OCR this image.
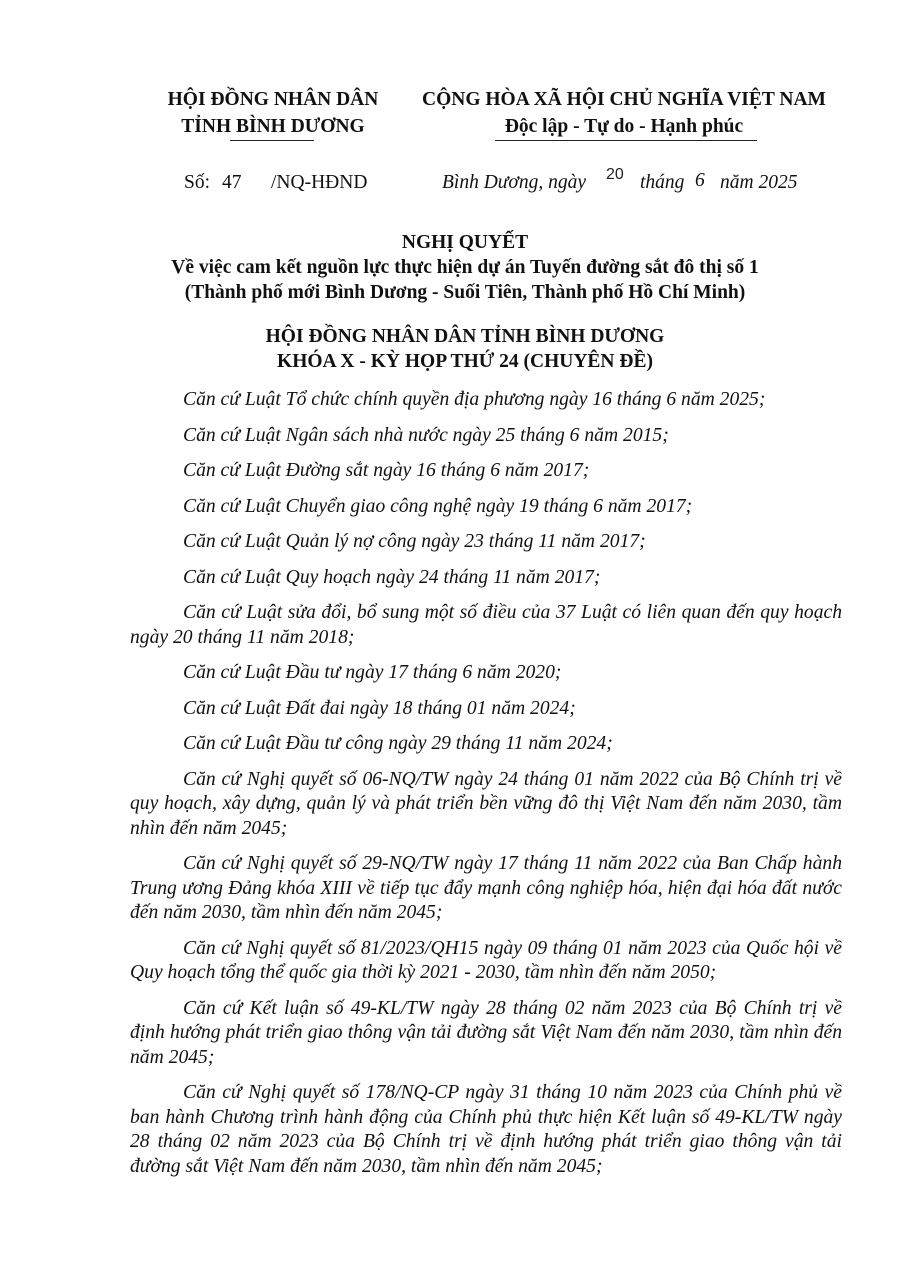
HỘI ĐỒNG NHÂN DÂN
TỈNH BÌNH DƯƠNG
CỘNG HÒA XÃ HỘI CHỦ NGHĨA VIỆT NAM
Độc lập - Tự do - Hạnh phúc
Số: 47 /NQ-HĐND	Bình Dương, ngày 20 tháng 6 năm 2025
NGHỊ QUYẾT
Về việc cam kết nguồn lực thực hiện dự án Tuyến đường sắt đô thị số 1
(Thành phố mới Bình Dương - Suối Tiên, Thành phố Hồ Chí Minh)
HỘI ĐỒNG NHÂN DÂN TỈNH BÌNH DƯƠNG
KHÓA X - KỲ HỌP THỨ 24 (CHUYÊN ĐỀ)

Căn cứ Luật Tổ chức chính quyền địa phương ngày 16 tháng 6 năm 2025;

Căn cứ Luật Ngân sách nhà nước ngày 25 tháng 6 năm 2015;

Căn cứ Luật Đường sắt ngày 16 tháng 6 năm 2017;

Căn cứ Luật Chuyển giao công nghệ ngày 19 tháng 6 năm 2017;

Căn cứ Luật Quản lý nợ công ngày 23 tháng 11 năm 2017;

Căn cứ Luật Quy hoạch ngày 24 tháng 11 năm 2017;

Căn cứ Luật sửa đổi, bổ sung một số điều của 37 Luật có liên quan đến quy hoạch ngày 20 tháng 11 năm 2018;

Căn cứ Luật Đầu tư ngày 17 tháng 6 năm 2020;

Căn cứ Luật Đất đai ngày 18 tháng 01 năm 2024;

Căn cứ Luật Đầu tư công ngày 29 tháng 11 năm 2024;

Căn cứ Nghị quyết số 06-NQ/TW ngày 24 tháng 01 năm 2022 của Bộ Chính trị về quy hoạch, xây dựng, quản lý và phát triển bền vững đô thị Việt Nam đến năm 2030, tầm nhìn đến năm 2045;

Căn cứ Nghị quyết số 29-NQ/TW ngày 17 tháng 11 năm 2022 của Ban Chấp hành Trung ương Đảng khóa XIII về tiếp tục đẩy mạnh công nghiệp hóa, hiện đại hóa đất nước đến năm 2030, tầm nhìn đến năm 2045;

Căn cứ Nghị quyết số 81/2023/QH15 ngày 09 tháng 01 năm 2023 của Quốc hội về Quy hoạch tổng thể quốc gia thời kỳ 2021 - 2030, tầm nhìn đến năm 2050;

Căn cứ Kết luận số 49-KL/TW ngày 28 tháng 02 năm 2023 của Bộ Chính trị về định hướng phát triển giao thông vận tải đường sắt Việt Nam đến năm 2030, tầm nhìn đến năm 2045;

Căn cứ Nghị quyết số 178/NQ-CP ngày 31 tháng 10 năm 2023 của Chính phủ về ban hành Chương trình hành động của Chính phủ thực hiện Kết luận số 49-KL/TW ngày 28 tháng 02 năm 2023 của Bộ Chính trị về định hướng phát triển giao thông vận tải đường sắt Việt Nam đến năm 2030, tầm nhìn đến năm 2045;
